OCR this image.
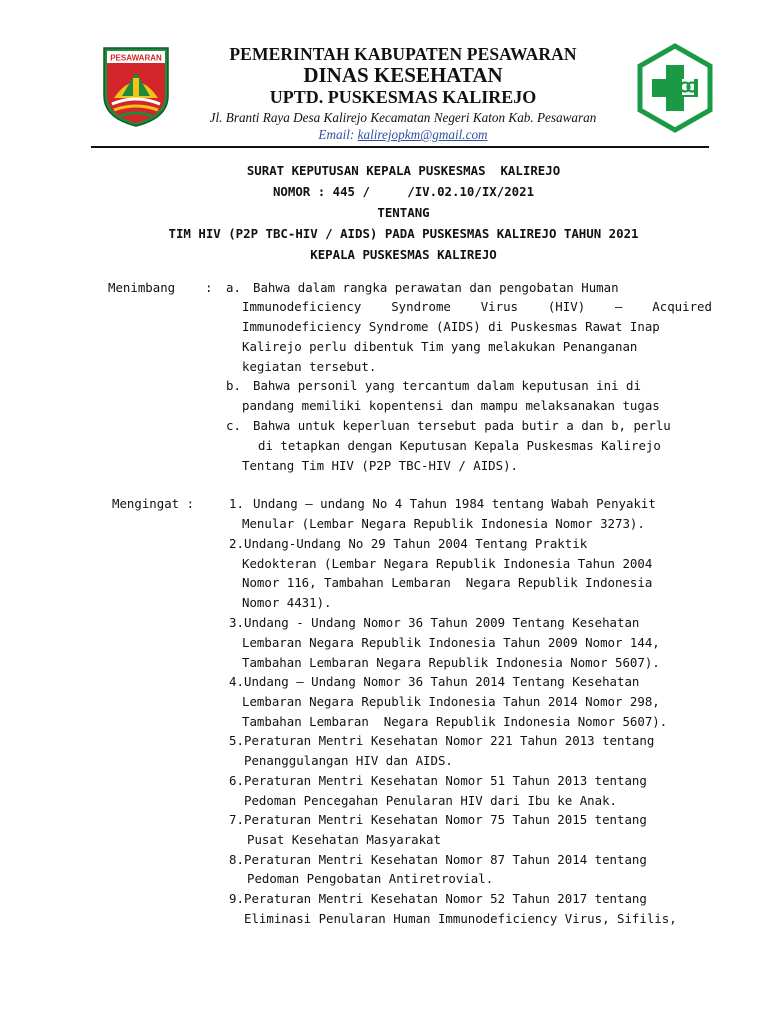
PESAWARAN	PEMERINTAH KABUPATEN PESAWARAN
DINAS KESEHATAN
UPTD. PUSKESMAS KALIREJO
Jl. Branti Raya Desa Kalirejo Kecamatan Negeri Katon Kab. Pesawaran
Email: kalirejopkm@gmail.com
SURAT KEPUTUSAN KEPALA PUSKESMAS  KALIREJO
NOMOR : 445 /     /IV.02.10/IX/2021
TENTANG
TIM HIV (P2P TBC-HIV / AIDS) PADA PUSKESMAS KALIREJO TAHUN 2021
KEPALA PUSKESMAS KALIREJO
Menimbang : a. Bahwa dalam rangka perawatan dan pengobatan Human
Immunodeficiency    Syndrome    Virus    (HIV)    –    Acquired
Immunodeficiency Syndrome (AIDS) di Puskesmas Rawat Inap
Kalirejo perlu dibentuk Tim yang melakukan Penanganan
kegiatan tersebut.
b. Bahwa personil yang tercantum dalam keputusan ini di
pandang memiliki kopentensi dan mampu melaksanakan tugas
c. Bahwa untuk keperluan tersebut pada butir a dan b, perlu
di tetapkan dengan Keputusan Kepala Puskesmas Kalirejo
Tentang Tim HIV (P2P TBC-HIV / AIDS).
Mengingat :	1. Undang – undang No 4 Tahun 1984 tentang Wabah Penyakit
Menular (Lembar Negara Republik Indonesia Nomor 3273).
2. Undang-Undang No 29 Tahun 2004 Tentang Praktik
Kedokteran (Lembar Negara Republik Indonesia Tahun 2004
Nomor 116, Tambahan Lembaran  Negara Republik Indonesia
Nomor 4431).
3. Undang - Undang Nomor 36 Tahun 2009 Tentang Kesehatan
Lembaran Negara Republik Indonesia Tahun 2009 Nomor 144,
Tambahan Lembaran Negara Republik Indonesia Nomor 5607).
4. Undang – Undang Nomor 36 Tahun 2014 Tentang Kesehatan
Lembaran Negara Republik Indonesia Tahun 2014 Nomor 298,
Tambahan Lembaran  Negara Republik Indonesia Nomor 5607).
5. Peraturan Mentri Kesehatan Nomor 221 Tahun 2013 tentang
Penanggulangan HIV dan AIDS.
6. Peraturan Mentri Kesehatan Nomor 51 Tahun 2013 tentang
Pedoman Pencegahan Penularan HIV dari Ibu ke Anak.
7. Peraturan Mentri Kesehatan Nomor 75 Tahun 2015 tentang
Pusat Kesehatan Masyarakat
8. Peraturan Mentri Kesehatan Nomor 87 Tahun 2014 tentang
Pedoman Pengobatan Antiretrovial.
9. Peraturan Mentri Kesehatan Nomor 52 Tahun 2017 tentang
Eliminasi Penularan Human Immunodeficiency Virus, Sifilis,
